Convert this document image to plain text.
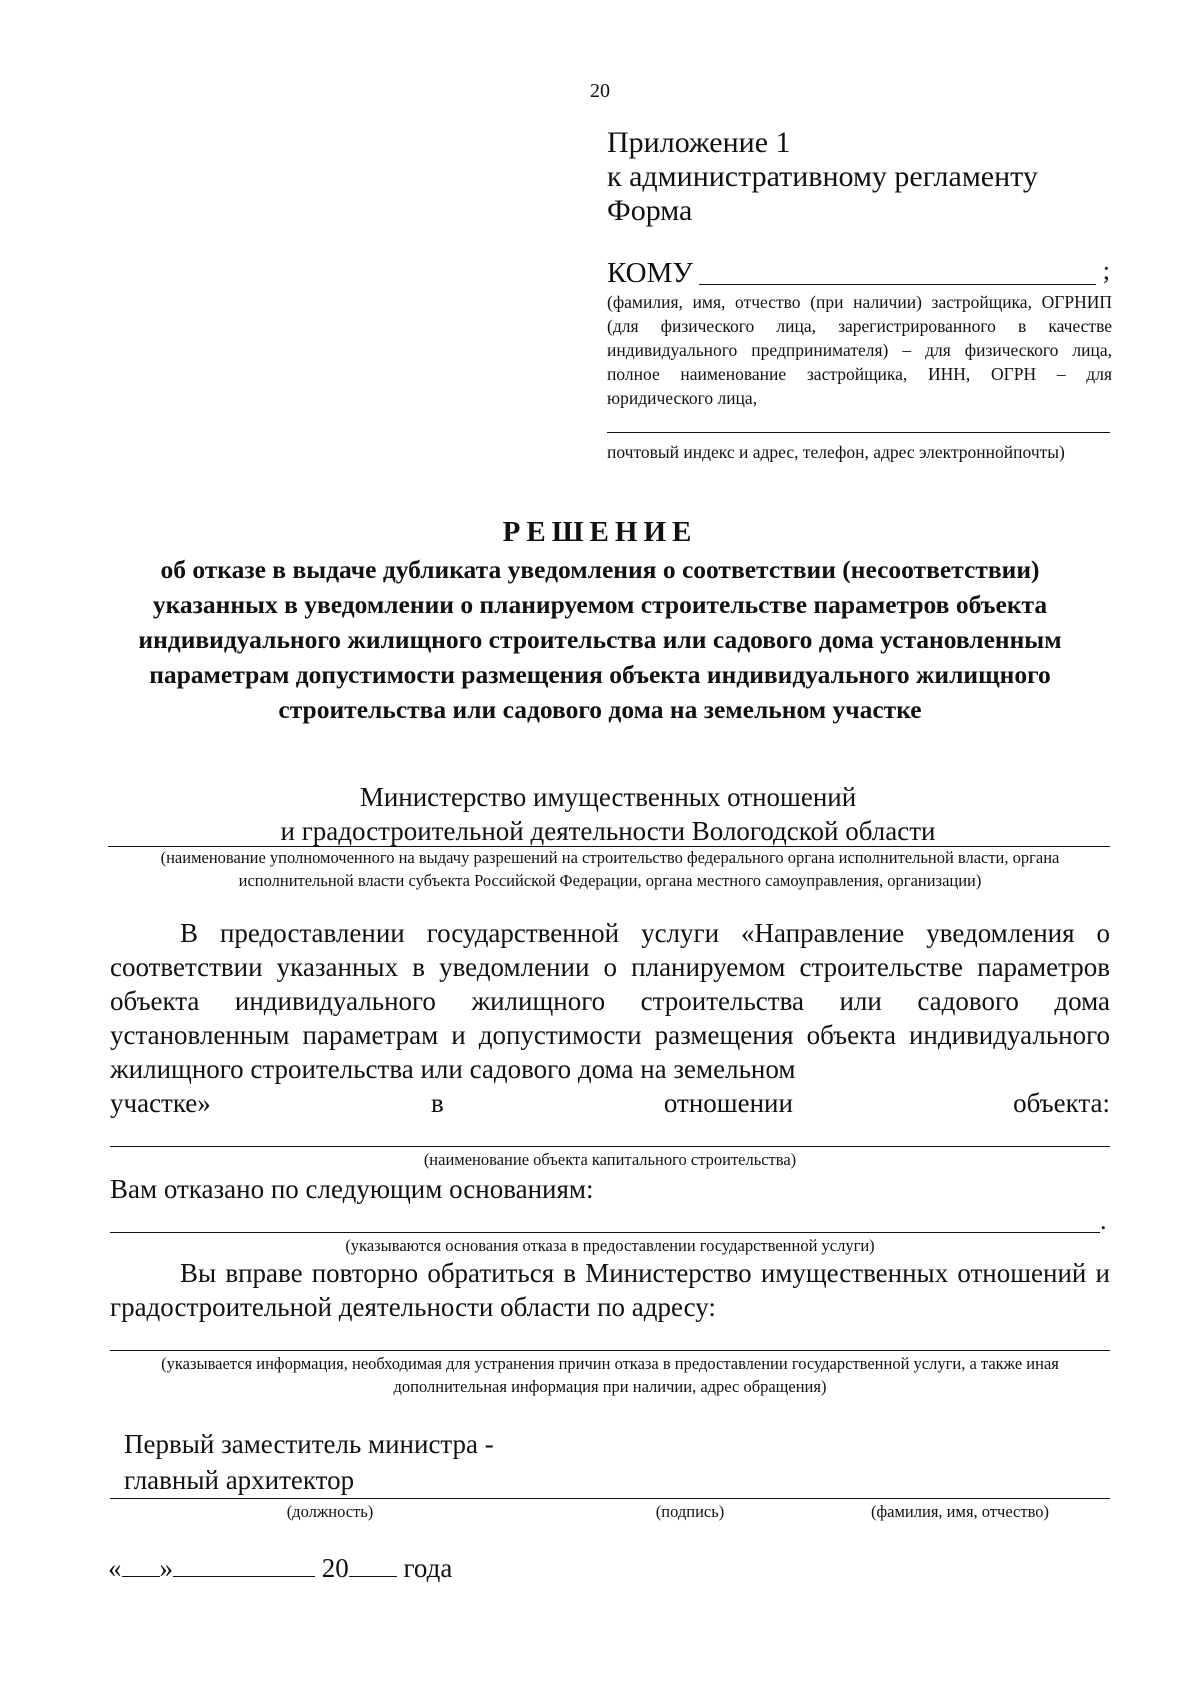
20
Приложение 1
к административному регламенту
Форма
КОМУ	;
(фамилия, имя, отчество (при наличии) застройщика, ОГРНИП (для физического лица, зарегистрированного в качестве индивидуального предпринимателя) – для физического лица, полное наименование застройщика, ИНН, ОГРН – для юридического лица,
почтовый индекс и адрес, телефон, адрес электроннойпочты)
РЕШЕНИЕ
об отказе в выдаче дубликата уведомления о соответствии (несоответствии) указанных в уведомлении о планируемом строительстве параметров объекта индивидуального жилищного строительства или садового дома установленным параметрам допустимости размещения объекта индивидуального жилищного строительства или садового дома на земельном участке
Министерство имущественных отношений
и градостроительной деятельности Вологодской области
(наименование уполномоченного на выдачу разрешений на строительство федерального органа исполнительной власти, органа исполнительной власти субъекта Российской Федерации, органа местного самоуправления, организации)
В предоставлении государственной услуги «Направление уведомления о соответствии указанных в уведомлении о планируемом строительстве параметров объекта индивидуального жилищного строительства или садового дома установленным параметрам и допустимости размещения объекта индивидуального жилищного строительства или садового дома на земельном
участке»	в	отношении	объекта:
(наименование объекта капитального строительства)
Вам отказано по следующим основаниям:
.
(указываются основания отказа в предоставлении государственной услуги)
Вы вправе повторно обратиться в Министерство имущественных отношений и градостроительной деятельности области по адресу:
(указывается информация, необходимая для устранения причин отказа в предоставлении государственной услуги, а также иная дополнительная информация при наличии, адрес обращения)
Первый заместитель министра -
главный архитектор
(должность)	(подпись)	(фамилия, имя, отчество)
« »	20 года
